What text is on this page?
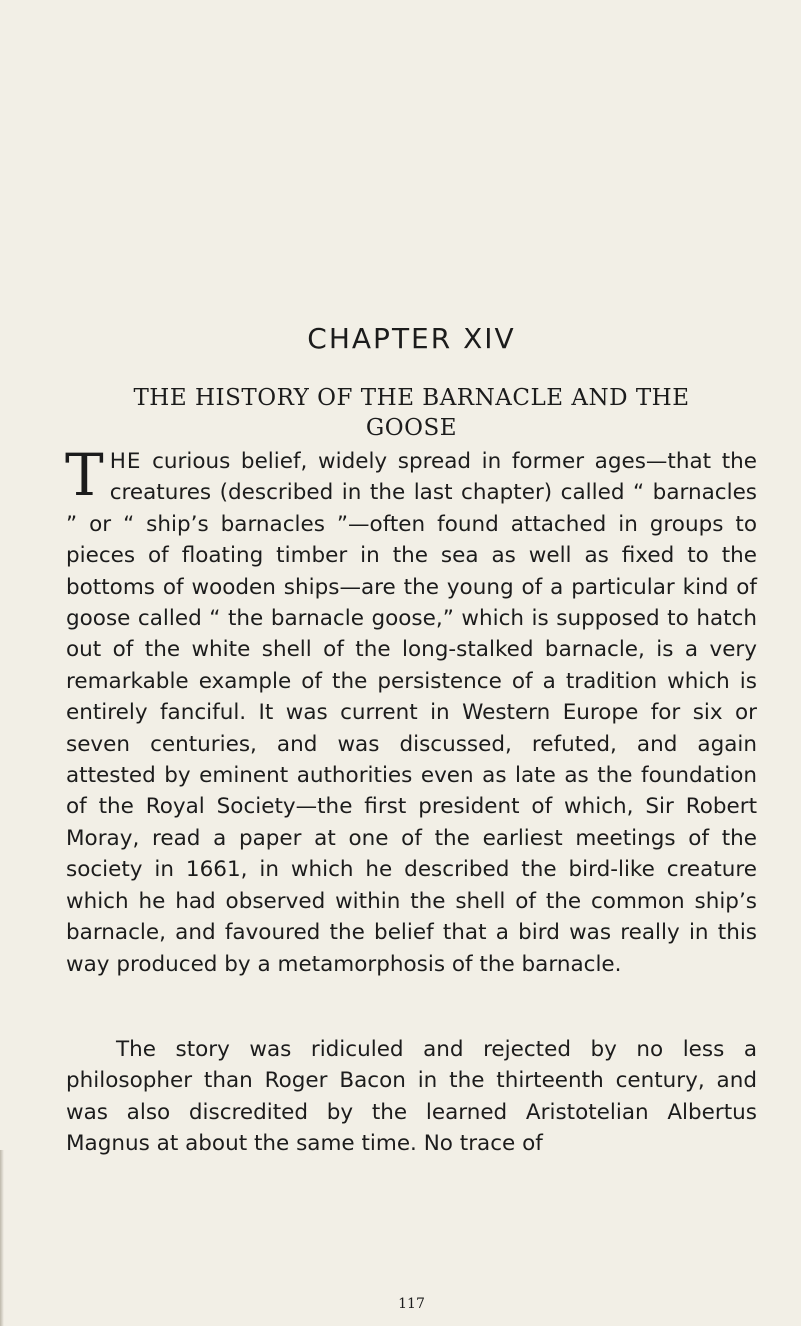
CHAPTER XIV
THE HISTORY OF THE BARNACLE AND THE GOOSE

THE curious belief, widely spread in former ages—that the creatures (described in the last chapter) called “ barnacles ” or “ ship’s barnacles ”—often found attached in groups to pieces of floating timber in the sea as well as fixed to the bottoms of wooden ships—are the young of a particular kind of goose called “ the barnacle goose,” which is supposed to hatch out of the white shell of the long-stalked barnacle, is a very remarkable example of the persistence of a tradition which is entirely fanciful. It was current in Western Europe for six or seven centuries, and was discussed, refuted, and again attested by eminent authorities even as late as the foundation of the Royal Society—the first president of which, Sir Robert Moray, read a paper at one of the earliest meetings of the society in 1661, in which he described the bird-like creature which he had observed within the shell of the common ship’s barnacle, and favoured the belief that a bird was really in this way produced by a metamorphosis of the barnacle.

The story was ridiculed and rejected by no less a philosopher than Roger Bacon in the thirteenth century, and was also discredited by the learned Aristotelian Albertus Magnus at about the same time. No trace of

117
